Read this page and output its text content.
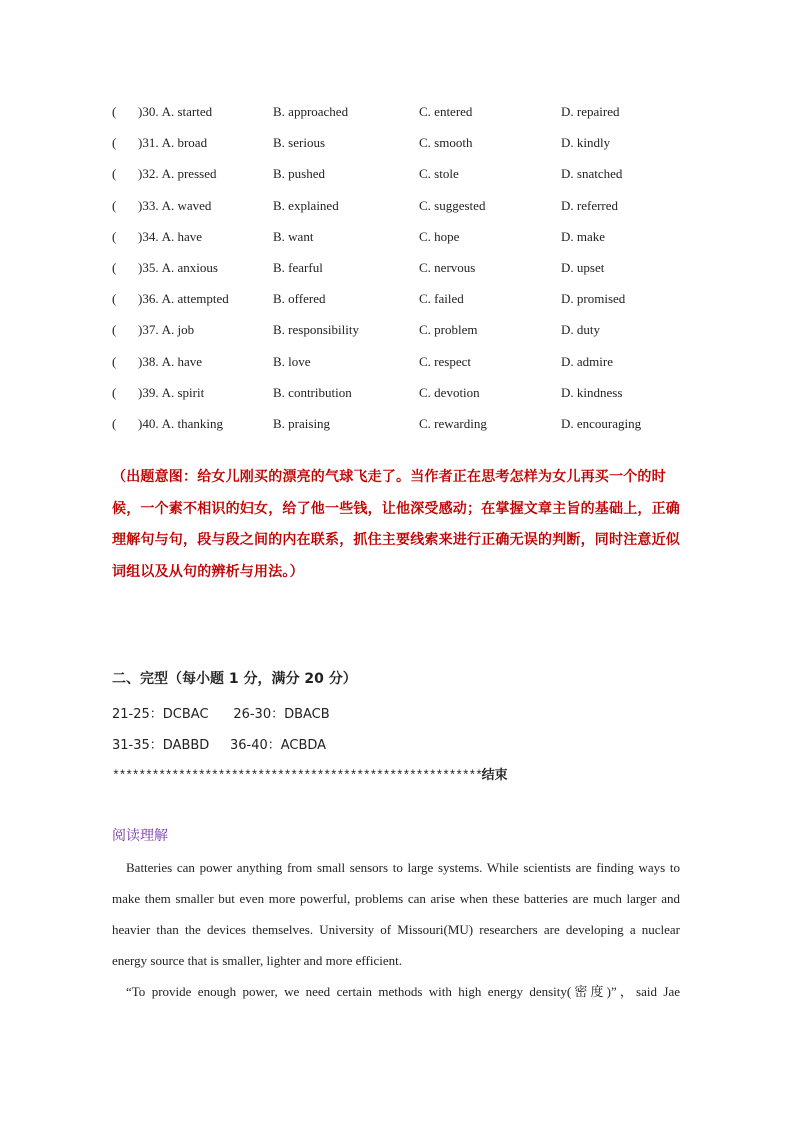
( )30. A. started	B. approached	C. entered	D. repaired
( )31. A. broad	B. serious	C. smooth	D. kindly
( )32. A. pressed	B. pushed	C. stole	D. snatched
( )33. A. waved	B. explained	C. suggested	D. referred
( )34. A. have	B. want	C. hope	D. make
( )35. A. anxious	B. fearful	C. nervous	D. upset
( )36. A. attempted	B. offered	C. failed	D. promised
( )37. A. job	B. responsibility	C. problem	D. duty
( )38. A. have	B. love	C. respect	D. admire
( )39. A. spirit	B. contribution	C. devotion	D. kindness
( )40. A. thanking	B. praising	C. rewarding	D. encouraging
（出题意图：给女儿刚买的漂亮的气球飞走了。当作者正在思考怎样为女儿再买一个的时候，一个素不相识的妇女，给了他一些钱，让他深受感动；在掌握文章主旨的基础上，正确理解句与句，段与段之间的内在联系，抓住主要线索来进行正确无误的判断，同时注意近似词组以及从句的辨析与用法。）
二、完型（每小题 1 分，满分 20 分）
21-25：DCBAC      26-30：DBACB
31-35：DABBD     36-40：ACBDA
********************************************************结束
阅读理解
Batteries can power anything from small sensors to large systems. While scientists are finding ways to make them smaller but even more powerful, problems can arise when these batteries are much larger and heavier than the devices themselves. University of Missouri(MU) researchers are developing a nuclear energy source that is smaller, lighter and more efficient.
“To provide enough power, we need certain methods with high energy density(密度)”，said Jae
